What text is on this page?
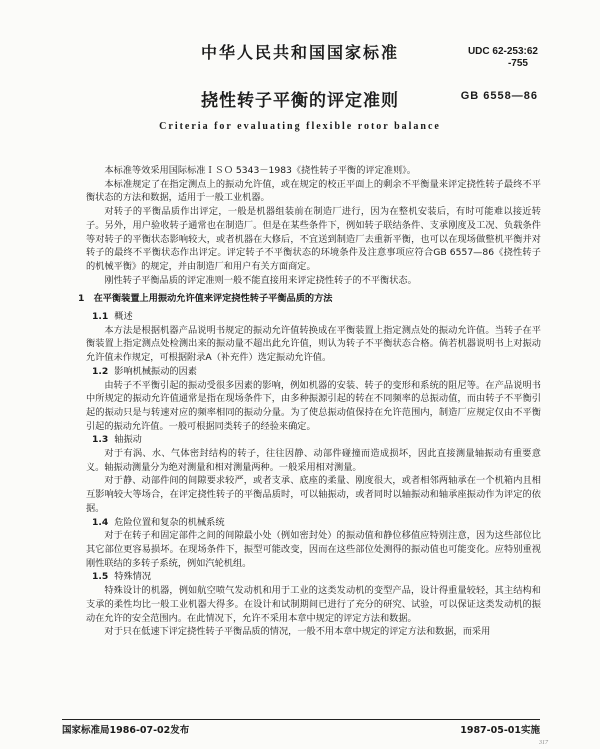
中华人民共和国国家标准	UDC 62-253:62
-755
GB 6558—86
挠性转子平衡的评定准则
Criteria for evaluating flexible rotor balance

本标准等效采用国际标准ＩＳＯ 5343－1983《挠性转子平衡的评定准则》。

本标准规定了在指定测点上的振动允许值，或在规定的校正平面上的剩余不平衡量来评定挠性转子最终不平衡状态的方法和数据，适用于一般工业机器。

对转子的平衡品质作出评定，一般是机器组装前在制造厂进行，因为在整机安装后，有时可能难以接近转子。另外，用户验收转子通常也在制造厂。但是在某些条件下，例如转子联结条件、支承刚度及工况、负载条件等对转子的平衡状态影响较大，或者机器在大修后，不宜送到制造厂去重新平衡，也可以在现场做整机平衡并对转子的最终不平衡状态作出评定。评定转子不平衡状态的环境条件及注意事项应符合GB 6557—86《挠性转子的机械平衡》的规定，并由制造厂和用户有关方面商定。

刚性转子平衡品质的评定准则一般不能直接用来评定挠性转子的不平衡状态。

1　在平衡装置上用振动允许值来评定挠性转子平衡品质的方法

1.1 概述

本方法是根据机器产品说明书规定的振动允许值转换成在平衡装置上指定测点处的振动允许值。当转子在平衡装置上指定测点处检测出来的振动量不超出此允许值，则认为转子不平衡状态合格。倘若机器说明书上对振动允许值未作规定，可根据附录A（补充件）选定振动允许值。

1.2 影响机械振动的因素

由转子不平衡引起的振动受很多因素的影响，例如机器的安装、转子的变形和系统的阻尼等。在产品说明书中所规定的振动允许值通常是指在现场条件下，由多种振源引起的转在不同频率的总振动值，而由转子不平衡引起的振动只是与转速对应的频率相同的振动分量。为了使总振动值保持在允许范围内，制造厂应规定仅由不平衡引起的振动允许值。一般可根据同类转子的经验来确定。

1.3 轴振动

对于有涡、水、气体密封结构的转子，往往因静、动部件碰撞而造成损坏，因此直接测量轴振动有重要意义。轴振动测量分为绝对测量和相对测量两种。一般采用相对测量。

对于静、动部件间的间隙要求较严，或者支承、底座的柔量、刚度很大，或者相邻两轴承在一个机箱内且相互影响较大等场合，在评定挠性转子的平衡品质时，可以轴振动，或者同时以轴振动和轴承座振动作为评定的依据。

1.4 危险位置和复杂的机械系统

对于在转子和固定部件之间的间隙最小处（例如密封处）的振动值和静位移值应特别注意，因为这些部位比其它部位更容易损坏。在现场条件下，振型可能改变，因而在这些部位处测得的振动值也可能变化。应特别重视刚性联结的多转子系统，例如汽轮机组。

1.5 特殊情况

特殊设计的机器，例如航空喷气发动机和用于工业的这类发动机的变型产品，设计得重量较轻，其主结构和支承的柔性均比一般工业机器大得多。在设计和试制期间已进行了充分的研究、试验，可以保证这类发动机的振动在允许的安全范围内。在此情况下，允许不采用本章中规定的评定方法和数据。

对于只在低速下评定挠性转子平衡品质的情况，一般不用本章中规定的评定方法和数据，而采用

国家标准局1986-07-02发布	1987-05-01实施
317
